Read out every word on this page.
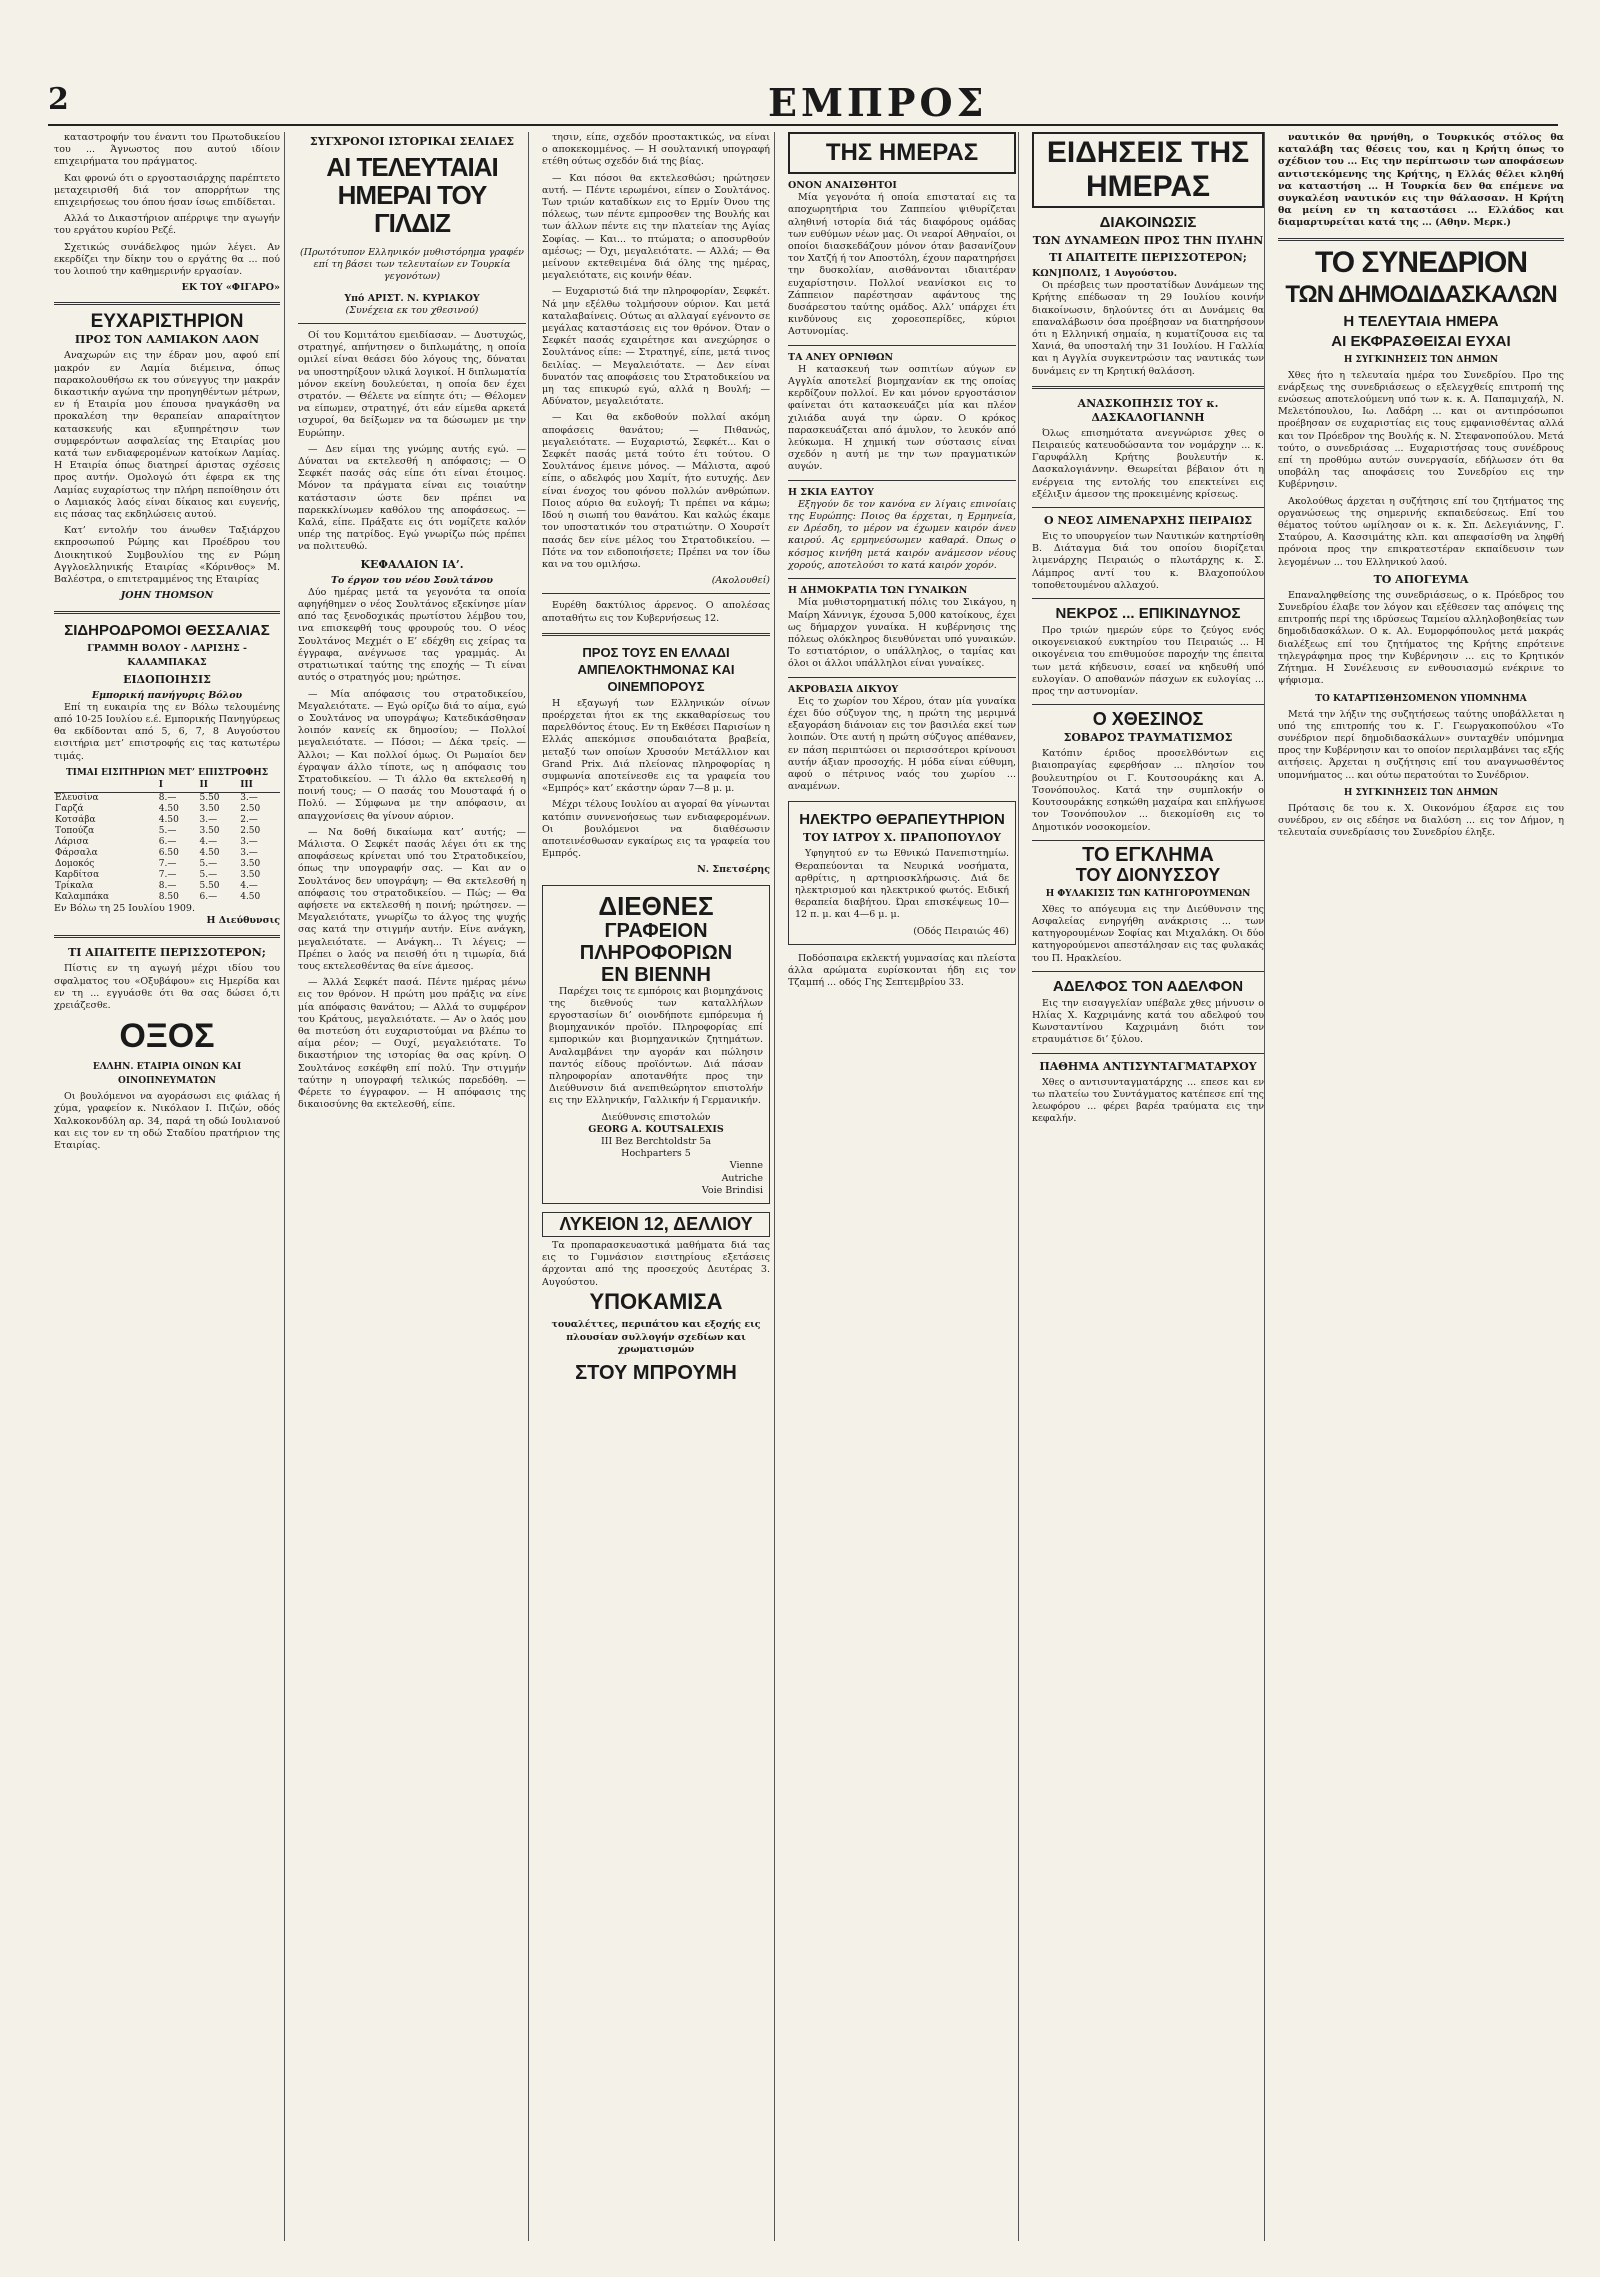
2	ΕΜΠΡΟΣ

καταστροφήν του έναντι του Πρωτοδικείου του ... Άγνωστος που αυτού ιδίοιν επιχειρήματα του πράγματος.

Και φρονώ ότι ο εργοστασιάρχης παρέπτετο μεταχειρισθή διά τον απορρήτων της επιχειρήσεως του όπου ήσαν ίσως επιδίδεται.

Αλλά το Δικαστήριον απέρριψε την αγωγήν του εργάτου κυρίου Ρεζέ.

Σχετικώς συνάδελφος ημών λέγει. Αν εκερδίζει την δίκην του ο εργάτης θα ... πού του λοιπού την καθημερινήν εργασίαν.

ΕΚ ΤΟΥ «ΦΙΓΑΡΟ»
ΕΥΧΑΡΙΣΤΗΡΙΟΝ
ΠΡΟΣ ΤΟΝ ΛΑΜΙΑΚΟΝ ΛΑΟΝ

Αναχωρών εις την έδραν μου, αφού επί μακρόν εν Λαμία διέμεινα, όπως παρακολουθήσω εκ του σύνεγγυς την μακράν δικαστικήν αγώνα την προηγηθέντων μέτρων, εν ή Εταιρία μου έπουσα ηναγκάσθη να προκαλέση την θεραπείαν απαραίτητον κατασκευής και εξυπηρέτησιν των συμφερόντων ασφαλείας της Εταιρίας μου κατά των ενδιαφερομένων κατοίκων Λαμίας. Η Εταιρία όπως διατηρεί άριστας σχέσεις προς αυτήν. Ομολογώ ότι έφερα εκ της Λαμίας ευχαρίστως την πλήρη πεποίθησιν ότι ο Λαμιακός λαός είναι δίκαιος και ευγενής, εις πάσας τας εκδηλώσεις αυτού.

Κατ’ εντολήν του άνωθεν Ταξιάρχου εκπροσωπού Ρώμης και Προέδρου του Διοικητικού Συμβουλίου της εν Ρώμη Αγγλοελληνικής Εταιρίας «Κόρινθος» Μ. Βαλέστρα, ο επιτετραμμένος της Εταιρίας

JOHN THOMSON
ΣΙΔΗΡΟΔΡΟΜΟΙ ΘΕΣΣΑΛΙΑΣ
ΓΡΑΜΜΗ ΒΟΛΟΥ - ΛΑΡΙΣΗΣ - ΚΑΛΑΜΠΑΚΑΣ
ΕΙΔΟΠΟΙΗΣΙΣ
Εμπορική πανήγυρις Βόλου

Επί τη ευκαιρία της εν Βόλω τελουμένης από 10-25 Ιουλίου ε.έ. Εμπορικής Πανηγύρεως θα εκδίδονται από 5, 6, 7, 8 Αυγούστου εισιτήρια μετ’ επιστροφής εις τας κατωτέρω τιμάς.

ΤΙΜΑΙ ΕΙΣΙΤΗΡΙΩΝ ΜΕΤ’ ΕΠΙΣΤΡΟΦΗΣ
	I	II	III
Ελευσίνα	8.—	5.50	3.—
Γαρζά	4.50	3.50	2.50
Κοτσάβα	4.50	3.—	2.—
Τοπούζα	5.—	3.50	2.50
Λάρισα	6.—	4.—	3.—
Φάρσαλα	6.50	4.50	3.—
Δομοκός	7.—	5.—	3.50
Καρδίτσα	7.—	5.—	3.50
Τρίκαλα	8.—	5.50	4.—
Καλαμπάκα	8.50	6.—	4.50
Εν Βόλω τη 25 Ιουλίου 1909.
Η Διεύθυνσις
ΤΙ ΑΠΑΙΤΕΙΤΕ ΠΕΡΙΣΣΟΤΕΡΟΝ;

Πίστις εν τη αγωγή μέχρι ιδίου του σφαλματος του «Οξυβάφου» εις Ημερίδα και εν τη ... εγγυάσθε ότι θα σας δώσει ό,τι χρειάζεσθε.

ΟΞΟΣ
ΕΛΛΗΝ. ΕΤΑΙΡΙΑ ΟΙΝΩΝ ΚΑΙ ΟΙΝΟΠΝΕΥΜΑΤΩΝ

Οι βουλόμενοι να αγοράσωσι εις φιάλας ή χύμα, γραφείον κ. Νικόλαον Ι. Πιζών, οδός Χαλκοκονδύλη αρ. 34, παρά τη οδώ Ιουλιανού και εις τον εν τη οδώ Σταδίου πρατήριον της Εταιρίας.

ΣΥΓΧΡΟΝΟΙ ΙΣΤΟΡΙΚΑΙ ΣΕΛΙΔΕΣ
ΑΙ ΤΕΛΕΥΤΑΙΑΙ ΗΜΕΡΑΙ ΤΟΥ ΓΙΛΔΙΖ

(Πρωτότυπον Ελληνικόν μυθιστόρημα γραφέν επί τη βάσει των τελευταίων εν Τουρκία γεγονότων)

Υπό ΑΡΙΣΤ. Ν. ΚΥΡΙΑΚΟΥ
(Συνέχεια εκ του χθεσινού)

Οί του Κομιτάτου εμειδίασαν. — Δυστυχώς, στρατηγέ, απήντησεν ο διπλωμάτης, η οποία ομιλεί είναι θεάσει δύο λόγους της, δύναται να υποστηρίξουν υλικά λογικοί. Η διπλωματία μόνον εκείνη δουλεύεται, η οποία δεν έχει στρατόν. — Θέλετε να είπητε ότι; — Θέλομεν να είπωμεν, στρατηγέ, ότι εάν είμεθα αρκετά ισχυροί, θα δείξωμεν να τα δώσωμεν με την Ευρώπην.

— Δεν είμαι της γνώμης αυτής εγώ. — Δύναται να εκτελεσθή η απόφασις; — Ο Σεφκέτ πασάς σάς είπε ότι είναι έτοιμος. Μόνον τα πράγματα είναι εις τοιαύτην κατάστασιν ώστε δεν πρέπει να παρεκκλίνωμεν καθόλου της αποφάσεως. — Καλά, είπε. Πράξατε εις ότι νομίζετε καλόν υπέρ της πατρίδος. Εγώ γνωρίζω πώς πρέπει να πολιτευθώ.

ΚΕΦΑΛΑΙΟΝ ΙΑ’.
Το έργον του νέου Σουλτάνου

Δύο ημέρας μετά τα γεγονότα τα οποία αφηγήθημεν ο νέος Σουλτάνος εξεκίνησε μίαν από τας ξενοδοχικάς πρωτίστου λέμβου του, ινα επισκεφθή τους φρουρούς του. Ο νέος Σουλτάνος Μεχμέτ ο Ε’ εδέχθη εις χείρας τα έγγραφα, ανέγνωσε τας γραμμάς. Αι στρατιωτικαί ταύτης της εποχής — Τι είναι αυτός ο στρατηγός μου; ηρώτησε.

— Μία απόφασις του στρατοδικείου, Μεγαλειότατε. — Εγώ ορίζω διά το αίμα, εγώ ο Σουλτάνος να υπογράψω; Κατεδικάσθησαν λοιπόν κανείς εκ δημοσίου; — Πολλοί μεγαλειότατε. — Πόσοι; — Δέκα τρείς. — Άλλοι; — Και πολλοί όμως. Οι Ρωμαίοι δεν έγραψαν άλλο τίποτε, ως η απόφασις του Στρατοδικείου. — Τι άλλο θα εκτελεσθή η ποινή τους; — Ο πασάς του Μουσταφά ή ο Πολύ. — Σύμφωνα με την απόφασιν, αι απαγχονίσεις θα γίνουν αύριον.

— Να δοθή δικαίωμα κατ’ αυτής; — Μάλιστα. Ο Σεφκέτ πασάς λέγει ότι εκ της αποφάσεως κρίνεται υπό του Στρατοδικείου, όπως την υπογραφήν σας. — Και αν ο Σουλτάνος δεν υπογράψη; — Θα εκτελεσθή η απόφασις του στρατοδικείου. — Πώς; — Θα αφήσετε να εκτελεσθή η ποινή; ηρώτησεν. — Μεγαλειότατε, γνωρίζω το άλγος της ψυχής σας κατά την στιγμήν αυτήν. Είνε ανάγκη, μεγαλειότατε. — Ανάγκη... Τι λέγεις; — Πρέπει ο λαός να πεισθή ότι η τιμωρία, διά τους εκτελεσθέντας θα είνε άμεσος.

— Άλλά Σεφκέτ πασά. Πέντε ημέρας μένω εις τον θρόνον. Η πρώτη μου πράξις να είνε μία απόφασις θανάτου; — Αλλά το συμφέρον του Κράτους, μεγαλειότατε. — Αν ο λαός μου θα πιστεύση ότι ευχαριστούμαι να βλέπω το αίμα ρέον; — Ουχί, μεγαλειότατε. Το δικαστήριον της ιστορίας θα σας κρίνη. Ο Σουλτάνος εσκέφθη επί πολύ. Την στιγμήν ταύτην η υπογραφή τελικώς παρεδόθη. — Φέρετε το έγγραφον. — Η απόφασις της δικαιοσύνης θα εκτελεσθή, είπε.

τησιν, είπε, σχεδόν προστακτικώς, να είναι ο αποκεκομμένος. — Η σουλτανική υπογραφή ετέθη ούτως σχεδόν διά της βίας.

— Και πόσοι θα εκτελεσθώσι; ηρώτησεν αυτή. — Πέντε ιερωμένοι, είπεν ο Σουλτάνος. Των τριών καταδίκων εις το Ερμίν Όνου της πόλεως, των πέντε εμπροσθεν της Βουλής και των άλλων πέντε εις την πλατείαν της Αγίας Σοφίας. — Και... το πτώματα; ο αποσυρθούν αμέσως; — Όχι, μεγαλειότατε. — Αλλά; — Θα μείνουν εκτεθειμένα διά όλης της ημέρας, μεγαλειότατε, εις κοινήν θέαν.

— Ευχαριστώ διά την πληροφορίαν, Σεφκέτ. Νά μην εξέλθω τολμήσουν ούριον. Και μετά καταλαβαίνεις. Ούτως αι αλλαγαί εγένοντο σε μεγάλας καταστάσεις εις τον θρόνον. Όταν ο Σεφκέτ πασάς εχαιρέτησε και ανεχώρησε ο Σουλτάνος είπε: — Στρατηγέ, είπε, μετά τινος δειλίας. — Μεγαλειότατε. — Δεν είναι δυνατόν τας αποφάσεις του Στρατοδικείου να μη τας επικυρώ εγώ, αλλά η Βουλή; — Αδύνατον, μεγαλειότατε.

— Και θα εκδοθούν πολλαί ακόμη αποφάσεις θανάτου; — Πιθανώς, μεγαλειότατε. — Ευχαριστώ, Σεφκέτ... Και ο Σεφκέτ πασάς μετά τούτο έτι τούτου. Ο Σουλτάνος έμεινε μόνος. — Μάλιστα, αφού είπε, ο αδελφός μου Χαμίτ, ήτο ευτυχής. Δεν είναι ένοχος του φόνου πολλών ανθρώπων. Ποιος αύριο θα ευλογή; Τι πρέπει να κάμω; Ιδού η σιωπή του θανάτου. Και καλώς έκαμε τον υποστατικόν του στρατιώτην. Ο Χουρσίτ πασάς δεν είνε μέλος του Στρατοδικείου. — Πότε να τον ειδοποιήσετε; Πρέπει να τον ίδω και να του ομιλήσω.

(Ακολουθεί)

Ευρέθη δακτύλιος άρρενος. Ο απολέσας αποταθήτω εις τον Κυβερνήσεως 12.

ΠΡΟΣ ΤΟΥΣ ΕΝ ΕΛΛΑΔΙ ΑΜΠΕΛΟΚΤΗΜΟΝΑΣ ΚΑΙ ΟΙΝΕΜΠΟΡΟΥΣ

Η εξαγωγή των Ελληνικών οίνων προέρχεται ήτοι εκ της εκκαθαρίσεως του παρελθόντος έτους. Εν τη Εκθέσει Παρισίων η Ελλάς απεκόμισε σπουδαιότατα βραβεία, μεταξύ των οποίων Χρυσούν Μετάλλιον και Grand Prix. Διά πλείονας πληροφορίας η συμφωνία αποτείνεσθε εις τα γραφεία του «Εμπρός» κατ’ εκάστην ώραν 7—8 μ. μ.

Μέχρι τέλους Ιουλίου αι αγοραί θα γίνωνται κατόπιν συννενοήσεως των ενδιαφερομένων. Οι βουλόμενοι να διαθέσωσιν αποτεινέσθωσαν εγκαίρως εις τα γραφεία του Εμπρός.

Ν. Σπετσέρης
ΔΙΕΘΝΕΣ
ΓΡΑΦΕΙΟΝ ΠΛΗΡΟΦΟΡΙΩΝ
ΕΝ ΒΙΕΝΝΗ

Παρέχει τοις τε εμπόροις και βιομηχάνοις της διεθνούς των καταλλήλων εργοστασίων δι’ οιονδήποτε εμπόρευμα ή βιομηχανικόν προϊόν. Πληροφορίας επί εμπορικών και βιομηχανικών ζητημάτων. Αναλαμβάνει την αγοράν και πώλησιν παντός είδους προϊόντων. Διά πάσαν πληροφορίαν αποτανθήτε προς την Διεύθυνσιν διά ανεπιθεώρητον επιστολήν εις την Ελληνικήν, Γαλλικήν ή Γερμανικήν.

Διεύθυνσις επιστολών
GEORG A. KOUTSALEXIS
III Bez Berchtoldstr 5a
Hochparters 5
Vienne
Autriche
Voie Brindisi
ΛΥΚΕΙΟΝ 12, ΔΕΛΛΙΟΥ

Τα προπαρασκευαστικά μαθήματα διά τας εις το Γυμνάσιον εισιτηρίους εξετάσεις άρχονται από της προσεχούς Δευτέρας 3. Αυγούστου.

ΥΠΟΚΑΜΙΣΑ

τουαλέττες, περιπάτου και εξοχής εις πλουσίαν συλλογήν σχεδίων και χρωματισμών

ΣΤΟΥ ΜΠΡΟΥΜΗ
ΤΗΣ ΗΜΕΡΑΣ
ΟΝΟΝ ΑΝΑΙΣΘΗΤΟΙ

Μία γεγονότα ή οποία επισταταί εις τα αποχωρητήρια του Ζαππείου ψιθυρίζεται αληθινή ιστορία διά τάς διαφόρους ομάδας των ευθύμων νέων μας. Οι νεαροί Αθηναίοι, οι οποίοι διασκεδάζουν μόνον όταν βασανίζουν τον Χατζή ή τον Αποστόλη, έχουν παρατηρήσει την δυσκολίαν, αισθάνονται ιδιαιτέραν ευχαρίστησιν. Πολλοί νεανίσκοι εις το Ζάππειον παρέστησαν αφάντους της δυσάρεστου ταύτης ομάδος. Αλλ’ υπάρχει έτι κινδύνους εις χοροεσπερίδες, κύριοι Αστυνομίας.

ΤΑ ΑΝΕΥ ΟΡΝΙΘΩΝ

Η κατασκευή των οσπιτίων αύγων εν Αγγλία αποτελεί βιομηχανίαν εκ της οποίας κερδίζουν πολλοί. Εν και μόνον εργοστάσιον φαίνεται ότι κατασκευάζει μία και πλέον χιλιάδα αυγά την ώραν. Ο κρόκος παρασκευάζεται από άμυλον, το λευκόν από λεύκωμα. Η χημική των σύστασις είναι σχεδόν η αυτή με την των πραγματικών αυγών.

Η ΣΚΙΑ ΕΑΥΤΟΥ

Εξηγούν δε τον κανόνα εν λίγαις επινοίαις της Ευρώπης: Ποιος θα έρχεται, η Ερμηνεία, εν Δρέσδη, το μέρον να έχωμεν καιρόν άνευ καιρού. Ας ερμηνεύσωμεν καθαρά. Όπως ο κόσμος κινήθη μετά καιρόν ανάμεσον νέους χορούς, αποτελούσι το κατά καιρόν χορόν.

Η ΔΗΜΟΚΡΑΤΙΑ ΤΩΝ ΓΥΝΑΙΚΩΝ

Μία μυθιστορηματική πόλις του Σικάγου, η Μαίρη Χάννιγκ, έχουσα 5,000 κατοίκους, έχει ως δήμαρχον γυναίκα. Η κυβέρνησις της πόλεως ολόκληρος διευθύνεται υπό γυναικών. Το εστιατόριον, ο υπάλληλος, ο ταμίας και όλοι οι άλλοι υπάλληλοι είναι γυναίκες.

ΑΚΡΟΒΑΣΙΑ ΔΙΚΥΟΥ

Εις το χωρίον του Χέρου, όταν μία γυναίκα έχει δύο σύζυγον της, η πρώτη της μεριμνά εξαγοράση διάνοιαν εις τον βασιλέα εκεί των λοιπών. Ότε αυτή η πρώτη σύζυγος απέθανεν, εν πάση περιπτώσει οι περισσότεροι κρίνουσι αυτήν άξιαν προσοχής. Η μόδα είναι εύθυμη, αφού ο πέτρινος ναός του χωρίου ... αναμένων.

ΗΛΕΚΤΡΟ ΘΕΡΑΠΕΥΤΗΡΙΟΝ
ΤΟΥ ΙΑΤΡΟΥ Χ. ΠΡΑΠΟΠΟΥΛΟΥ

Υφηγητού εν τω Εθνικώ Πανεπιστημίω. Θεραπεύονται τα Νευρικά νοσήματα, αρθρίτις, η αρτηριοσκλήρωσις. Διά δε ηλεκτρισμού και ηλεκτρικού φωτός. Ειδική θεραπεία διαβήτου. Ώραι επισκέψεως 10—12 π. μ. και 4—6 μ. μ.

(Οδός Πειραιώς 46)

Ποδόσπαιρα εκλεκτή γυμνασίας και πλείστα άλλα αρώματα ευρίσκονται ήδη εις τον Τζαμπή ... οδός Γης Σεπτεμβρίου 33.

ΕΙΔΗΣΕΙΣ ΤΗΣ ΗΜΕΡΑΣ
ΔΙΑΚΟΙΝΩΣΙΣ
ΤΩΝ ΔΥΝΑΜΕΩΝ ΠΡΟΣ ΤΗΝ ΠΥΛΗΝ
ΤΙ ΑΠΑΙΤΕΙΤΕ ΠΕΡΙΣΣΟΤΕΡΟΝ;
ΚΩΝ]ΠΟΛΙΣ, 1 Αυγούστου.

Οι πρέσβεις των προστατίδων Δυνάμεων της Κρήτης επέδωσαν τη 29 Ιουλίου κοινήν διακοίνωσιν, δηλούντες ότι αι Δυνάμεις θα επαναλάβωσιν όσα προέβησαν να διατηρήσουν ότι η Ελληνική σημαία, η κυματίζουσα εις τα Χανιά, θα υποσταλή την 31 Ιουλίου. Η Γαλλία και η Αγγλία συγκεντρώσιν τας ναυτικάς των δυνάμεις εν τη Κρητική θαλάσση.

ΑΝΑΣΚΟΠΗΣΙΣ ΤΟΥ κ. ΔΑΣΚΑΛΟΓΙΑΝΝΗ

Όλως επισημότατα ανεγνώρισε χθες ο Πειραιεύς κατευοδώσαντα τον νομάρχην ... κ. Γαρυφάλλη Κρήτης βουλευτήν κ. Δασκαλογιάννην. Θεωρείται βέβαιον ότι η ενέργεια της εντολής του επεκτείνει εις εξέλιξιν άμεσον της προκειμένης κρίσεως.

Ο ΝΕΟΣ ΛΙΜΕΝΑΡΧΗΣ ΠΕΙΡΑΙΩΣ

Εις το υπουργείον των Ναυτικών κατηρτίσθη Β. Διάταγμα διά του οποίου διορίζεται λιμενάρχης Πειραιώς ο πλωτάρχης κ. Σ. Λάμπρος αντί του κ. Βλαχοπούλου τοποθετουμένου αλλαχού.

ΝΕΚΡΟΣ ... ΕΠΙΚΙΝΔΥΝΟΣ

Προ τριών ημερών εύρε το ζεύγος ενός οικογενειακού ευκτηρίου του Πειραιώς ... Η οικογένεια του επιθυμούσε παροχήν της έπειτα των μετά κήδευσιν, εσαεί να κηδευθή υπό ευλογίαν. Ο αποθανών πάσχων εκ ευλογίας ... προς την αστυνομίαν.

Ο ΧΘΕΣΙΝΟΣ
ΣΟΒΑΡΟΣ ΤΡΑΥΜΑΤΙΣΜΟΣ

Κατόπιν έριδος προσελθόντων εις βιαιοπραγίας εφερθήσαν ... πλησίον του βουλευτηρίου οι Γ. Κουτσουράκης και Α. Τσονόπουλος. Κατά την συμπλοκήν ο Κουτσουράκης εσηκώθη μαχαίρα και επλήγωσε τον Τσονόπουλον ... διεκομίσθη εις το Δημοτικόν νοσοκομείον.

ΤΟ ΕΓΚΛΗΜΑ
ΤΟΥ ΔΙΟΝΥΣΣΟΥ
Η ΦΥΛΑΚΙΣΙΣ ΤΩΝ ΚΑΤΗΓΟΡΟΥΜΕΝΩΝ

Χθες το απόγευμα εις την Διεύθυνσιν της Ασφαλείας ενηργήθη ανάκρισις ... των κατηγορουμένων Σοφίας και Μιχαλάκη. Οι δύο κατηγορούμενοι απεστάλησαν εις τας φυλακάς του Π. Ηρακλείου.

ΑΔΕΛΦΟΣ ΤΟΝ ΑΔΕΛΦΟΝ

Εις την εισαγγελίαν υπέβαλε χθες μήνυσιν ο Ηλίας Χ. Καχριμάνης κατά του αδελφού του Κωνσταντίνου Καχριμάνη διότι τον ετραυμάτισε δι’ ξύλου.

ΠΑΘΗΜΑ ΑΝΤΙΣΥΝΤΑΓΜΑΤΑΡΧΟΥ

Χθες ο αντισυνταγματάρχης ... επεσε και εν τω πλατείω του Συντάγματος κατέπεσε επί της λεωφόρου ... φέρει βαρέα τραύματα εις την κεφαλήν.

ναυτικόν θα ηρνήθη, ο Τουρκικός στόλος θα καταλάβη τας θέσεις του, και η Κρήτη όπως το σχέδιον του ... Εις την περίπτωσιν των αποφάσεων αντιστεκόμενης της Κρήτης, η Ελλάς θέλει κληθή να καταστήση ... Η Τουρκία δεν θα επέμενε να συγκαλέση ναυτικόν εις την θάλασσαν. Η Κρήτη θα μείνη εν τη καταστάσει ... Ελλάδος και διαμαρτυρείται κατά της ... (Αθην. Μερκ.)

ΤΟ ΣΥΝΕΔΡΙΟΝ
ΤΩΝ ΔΗΜΟΔΙΔΑΣΚΑΛΩΝ
Η ΤΕΛΕΥΤΑΙΑ ΗΜΕΡΑ
ΑΙ ΕΚΦΡΑΣΘΕΙΣΑΙ ΕΥΧΑΙ
Η ΣΥΓΚΙΝΗΣΕΙΣ ΤΩΝ ΔΗΜΩΝ

Χθες ήτο η τελευταία ημέρα του Συνεδρίου. Προ της ενάρξεως της συνεδριάσεως ο εξελεγχθείς επιτροπή της ενώσεως αποτελούμενη υπό των κ. κ. Α. Παπαμιχαήλ, Ν. Μελετόπουλου, Ιω. Λαδάρη ... και οι αντιπρόσωποι προέβησαν σε ευχαριστίας εις τους εμφανισθέντας αλλά και τον Πρόεδρον της Βουλής κ. Ν. Στεφανοπούλου. Μετά τούτο, ο συνεδριάσας ... Ευχαριστήσας τους συνέδρους επί τη προθύμω αυτών συνεργασία, εδήλωσεν ότι θα υποβάλη τας αποφάσεις του Συνεδρίου εις την Κυβέρνησιν.

Ακολούθως άρχεται η συζήτησις επί του ζητήματος της οργανώσεως της σημερινής εκπαιδεύσεως. Επί του θέματος τούτου ωμίλησαν οι κ. κ. Σπ. Δελεγιάννης, Γ. Σταύρου, Α. Κασσιμάτης κλπ. και απεφασίσθη να ληφθή πρόνοια προς την επικρατεστέραν εκπαίδευσιν των λεγομένων ... του Ελληνικού λαού.

ΤΟ ΑΠΟΓΕΥΜΑ

Επαναληφθείσης της συνεδριάσεως, ο κ. Πρόεδρος του Συνεδρίου έλαβε τον λόγον και εξέθεσεν τας απόψεις της επιτροπής περί της ιδρύσεως Ταμείου αλληλοβοηθείας των δημοδιδασκάλων. Ο κ. Αλ. Ευμορφόπουλος μετά μακράς διαλέξεως επί του ζητήματος της Κρήτης επρότεινε τηλεγράφημα προς την Κυβέρνησιν ... εις το Κρητικόν Ζήτημα. Η Συνέλευσις εν ενθουσιασμώ ενέκρινε το ψήφισμα.

ΤΟ ΚΑΤΑΡΤΙΣΘΗΣΟΜΕΝΟΝ ΥΠΟΜΝΗΜΑ

Μετά την λήξιν της συζητήσεως ταύτης υποβάλλεται η υπό της επιτροπής του κ. Γ. Γεωργακοπούλου «Το συνέδριον περί δημοδιδασκάλων» συνταχθέν υπόμνημα προς την Κυβέρνησιν και το οποίον περιλαμβάνει τας εξής αιτήσεις. Άρχεται η συζήτησις επί του αναγνωσθέντος υπομνήματος ... και ούτω περατούται το Συνέδριον.

Η ΣΥΓΚΙΝΗΣΕΙΣ ΤΩΝ ΔΗΜΩΝ

Πρότασις δε του κ. Χ. Οικονόμου έξαρσε εις του συνέδρου, εν οις εδέησε να διαλύση ... εις τον Δήμον, η τελευταία συνεδρίασις του Συνεδρίου έληξε.
